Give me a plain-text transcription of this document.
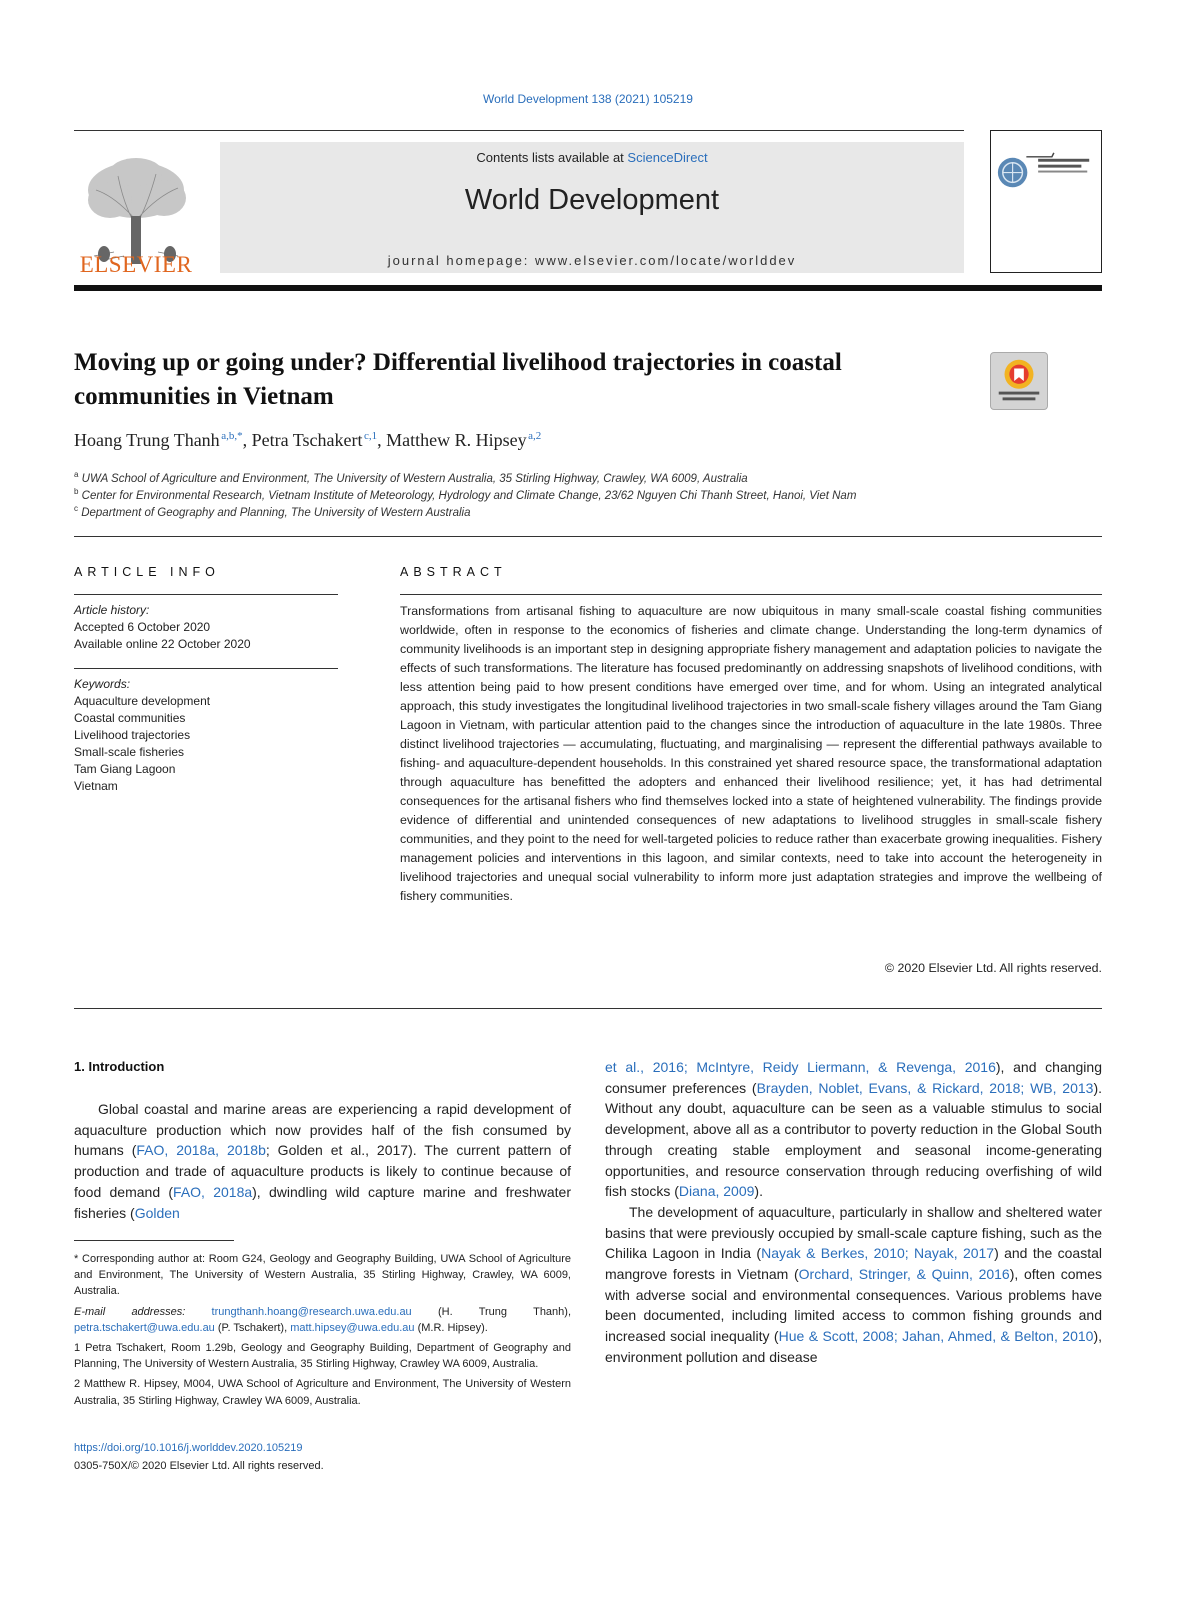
World Development 138 (2021) 105219
ELSEVIER
Contents lists available at ScienceDirect
World Development
journal homepage: www.elsevier.com/locate/worlddev
Moving up or going under? Differential livelihood trajectories in coastal communities in Vietnam
Hoang Trung Thanh  $^{a,b,*}$, Petra Tschakert  $^{c,1}$, Matthew R. Hipsey  $^{a,2}$
$^a$ UWA School of Agriculture and Environment, The University of Western Australia, 35 Stirling Highway, Crawley, WA 6009, Australia
$^b$ Center for Environmental Research, Vietnam Institute of Meteorology, Hydrology and Climate Change, 23/62 Nguyen Chi Thanh Street, Hanoi, Viet Nam
$^c$ Department of Geography and Planning, The University of Western Australia
ARTICLE INFO	ABSTRACT
Article history:
Accepted 6 October 2020
Available online 22 October 2020
Keywords:
Aquaculture development
Coastal communities
Livelihood trajectories
Small-scale fisheries
Tam Giang Lagoon
Vietnam

Transformations from artisanal fishing to aquaculture are now ubiquitous in many small-scale coastal fishing communities worldwide, often in response to the economics of fisheries and climate change. Understanding the long-term dynamics of community livelihoods is an important step in designing appropriate fishery management and adaptation policies to navigate the effects of such transformations. The literature has focused predominantly on addressing snapshots of livelihood conditions, with less attention being paid to how present conditions have emerged over time, and for whom. Using an integrated analytical approach, this study investigates the longitudinal livelihood trajectories in two small-scale fishery villages around the Tam Giang Lagoon in Vietnam, with particular attention paid to the changes since the introduction of aquaculture in the late 1980s. Three distinct livelihood trajectories — accumulating, fluctuating, and marginalising — represent the differential pathways available to fishing- and aquaculture-dependent households. In this constrained yet shared resource space, the transformational adaptation through aquaculture has benefitted the adopters and enhanced their livelihood resilience; yet, it has had detrimental consequences for the artisanal fishers who find themselves locked into a state of heightened vulnerability. The findings provide evidence of differential and unintended consequences of new adaptations to livelihood struggles in small-scale fishery communities, and they point to the need for well-targeted policies to reduce rather than exacerbate growing inequalities. Fishery management policies and interventions in this lagoon, and similar contexts, need to take into account the heterogeneity in livelihood trajectories and unequal social vulnerability to inform more just adaptation strategies and improve the wellbeing of fishery communities.

© 2020 Elsevier Ltd. All rights reserved.
1. Introduction

Global coastal and marine areas are experiencing a rapid development of aquaculture production which now provides half of the fish consumed by humans (FAO, 2018a, 2018b; Golden et al., 2017). The current pattern of production and trade of aquaculture products is likely to continue because of food demand (FAO, 2018a), dwindling wild capture marine and freshwater fisheries (Golden

* Corresponding author at: Room G24, Geology and Geography Building, UWA School of Agriculture and Environment, The University of Western Australia, 35 Stirling Highway, Crawley, WA 6009, Australia.

E-mail addresses: trungthanh.hoang@research.uwa.edu.au (H. Trung Thanh), petra.tschakert@uwa.edu.au (P. Tschakert), matt.hipsey@uwa.edu.au (M.R. Hipsey).

1 Petra Tschakert, Room 1.29b, Geology and Geography Building, Department of Geography and Planning, The University of Western Australia, 35 Stirling Highway, Crawley WA 6009, Australia.

2 Matthew R. Hipsey, M004, UWA School of Agriculture and Environment, The University of Western Australia, 35 Stirling Highway, Crawley WA 6009, Australia.

https://doi.org/10.1016/j.worlddev.2020.105219
0305-750X/© 2020 Elsevier Ltd. All rights reserved.

et al., 2016; McIntyre, Reidy Liermann, & Revenga, 2016), and changing consumer preferences (Brayden, Noblet, Evans, & Rickard, 2018; WB, 2013). Without any doubt, aquaculture can be seen as a valuable stimulus to social development, above all as a contributor to poverty reduction in the Global South through creating stable employment and seasonal income-generating opportunities, and resource conservation through reducing overfishing of wild fish stocks (Diana, 2009).

The development of aquaculture, particularly in shallow and sheltered water basins that were previously occupied by small-scale capture fishing, such as the Chilika Lagoon in India (Nayak & Berkes, 2010; Nayak, 2017) and the coastal mangrove forests in Vietnam (Orchard, Stringer, & Quinn, 2016), often comes with adverse social and environmental consequences. Various problems have been documented, including limited access to common fishing grounds and increased social inequality (Hue & Scott, 2008; Jahan, Ahmed, & Belton, 2010), environment pollution and disease
